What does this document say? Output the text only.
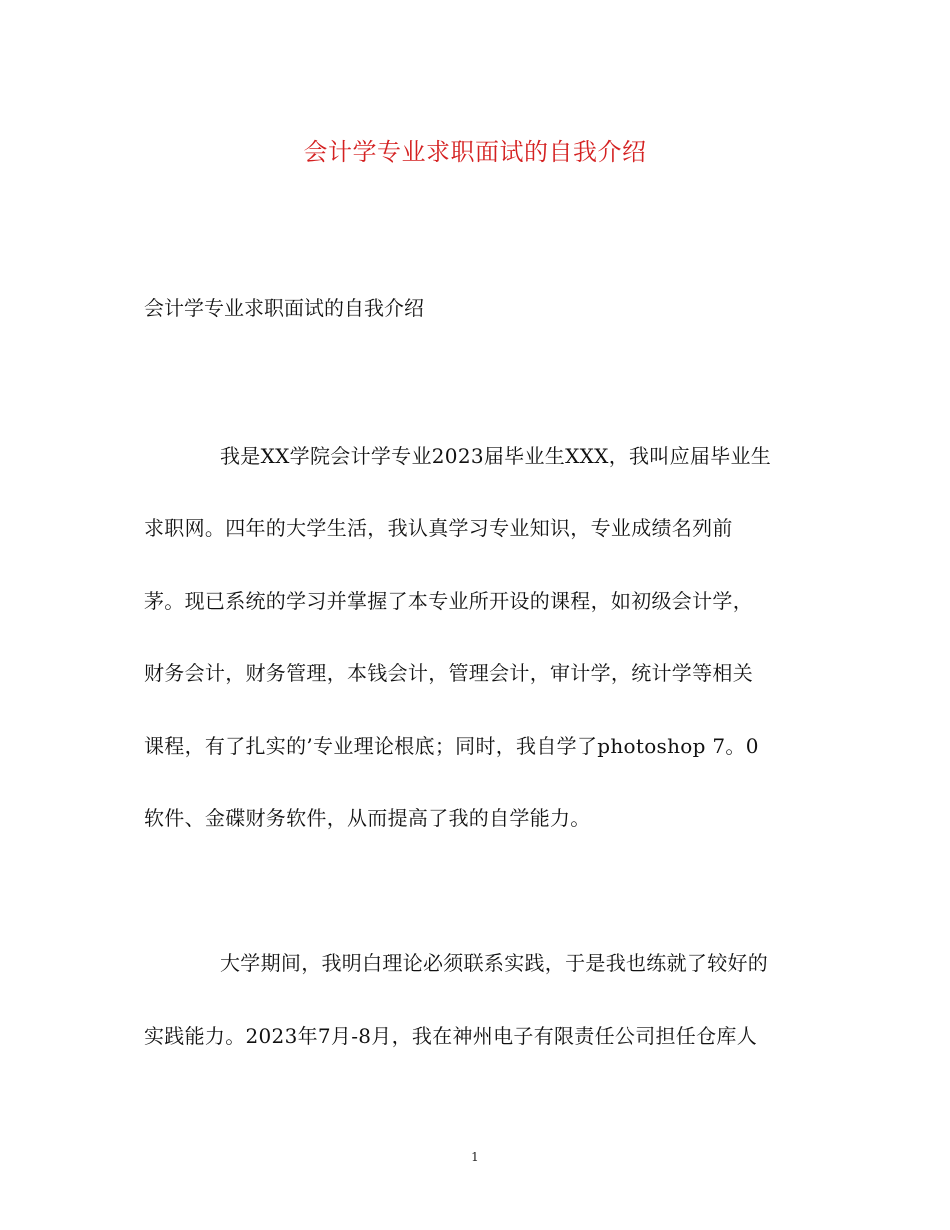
会计学专业求职面试的自我介绍
会计学专业求职面试的自我介绍
我是XX学院会计学专业2023届毕业生XXX，我叫应届毕业生
求职网。四年的大学生活，我认真学习专业知识，专业成绩名列前
茅。现已系统的学习并掌握了本专业所开设的课程，如初级会计学，
财务会计，财务管理，本钱会计，管理会计，审计学，统计学等相关
课程，有了扎实的’专业理论根底；同时，我自学了photoshop 7。0
软件、金碟财务软件，从而提高了我的自学能力。
大学期间，我明白理论必须联系实践，于是我也练就了较好的
实践能力。2023年7月-8月，我在神州电子有限责任公司担任仓库人
1
